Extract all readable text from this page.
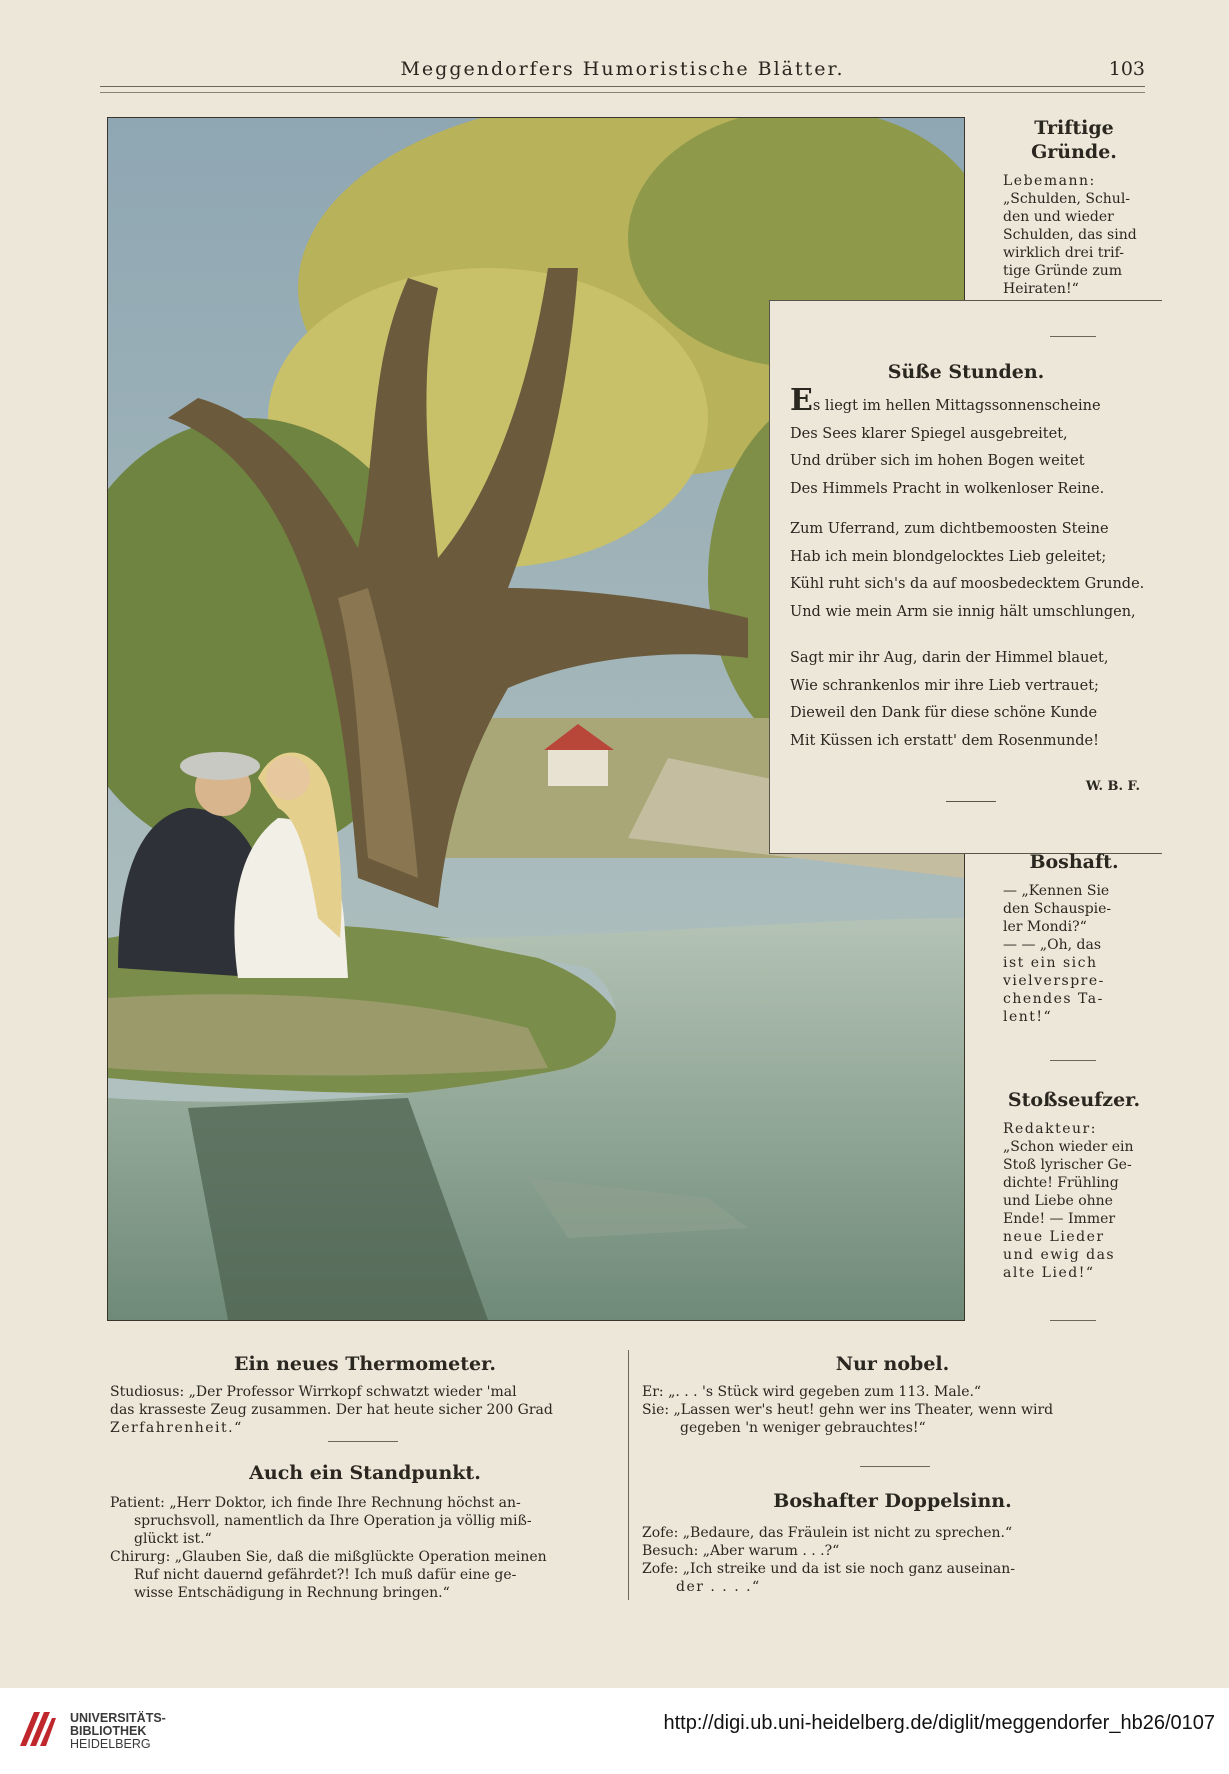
Meggendorfers Humoristische Blätter.	103
Süße Stunden.
Es liegt im hellen Mittagssonnenscheine
Des Sees klarer Spiegel ausgebreitet,
Und drüber sich im hohen Bogen weitet
Des Himmels Pracht in wolkenloser Reine.
Zum Uferrand, zum dichtbemoosten Steine
Hab ich mein blondgelocktes Lieb geleitet;
Kühl ruht sich's da auf moosbedecktem Grunde.
Und wie mein Arm sie innig hält umschlungen,
Sagt mir ihr Aug, darin der Himmel blauet,
Wie schrankenlos mir ihre Lieb vertrauet;
Dieweil den Dank für diese schöne Kunde
Mit Küssen ich erstatt' dem Rosenmunde!
W. B. F.
Triftige
Gründe.
Lebemann:
„Schulden, Schul-
den und wieder
Schulden, das sind
wirklich drei trif-
tige Gründe zum
Heiraten!“
Boshaft.
— „Kennen Sie
den Schauspie-
ler Mondi?“
— — „Oh, das
ist ein sich
vielversprе-
chendes Ta-
lent!“
Stoßseufzer.
Redakteur:
„Schon wieder ein
Stoß lyrischer Ge-
dichte! Frühling
und Liebe ohne
Ende! — Immer
neue Lieder
und ewig das
alte Lied!“
Ein neues Thermometer.
Studiosus: „Der Professor Wirrkopf schwatzt wieder 'mal
das krasseste Zeug zusammen. Der hat heute sicher 200 Grad
Zerfahrenheit.“
Auch ein Standpunkt.
Patient: „Herr Doktor, ich finde Ihre Rechnung höchst an-
spruchsvoll, namentlich da Ihre Operation ja völlig miß-
glückt ist.“
Chirurg: „Glauben Sie, daß die mißglückte Operation meinen
Ruf nicht dauernd gefährdet?! Ich muß dafür eine ge-
wisse Entschädigung in Rechnung bringen.“
Nur nobel.
Er: „. . . 's Stück wird gegeben zum 113. Male.“
Sie: „Lassen wer's heut! gehn wer ins Theater, wenn wird
gegeben 'n weniger gebrauchtes!“
Boshafter Doppelsinn.
Zofe: „Bedaure, das Fräulein ist nicht zu sprechen.“
Besuch: „Aber warum . . .?“
Zofe: „Ich streike und da ist sie noch ganz auseinan-
der . . . .“
UNIVERSITÄTS-
BIBLIOTHEK
HEIDELBERG
http://digi.ub.uni-heidelberg.de/diglit/meggendorfer_hb26/0107
